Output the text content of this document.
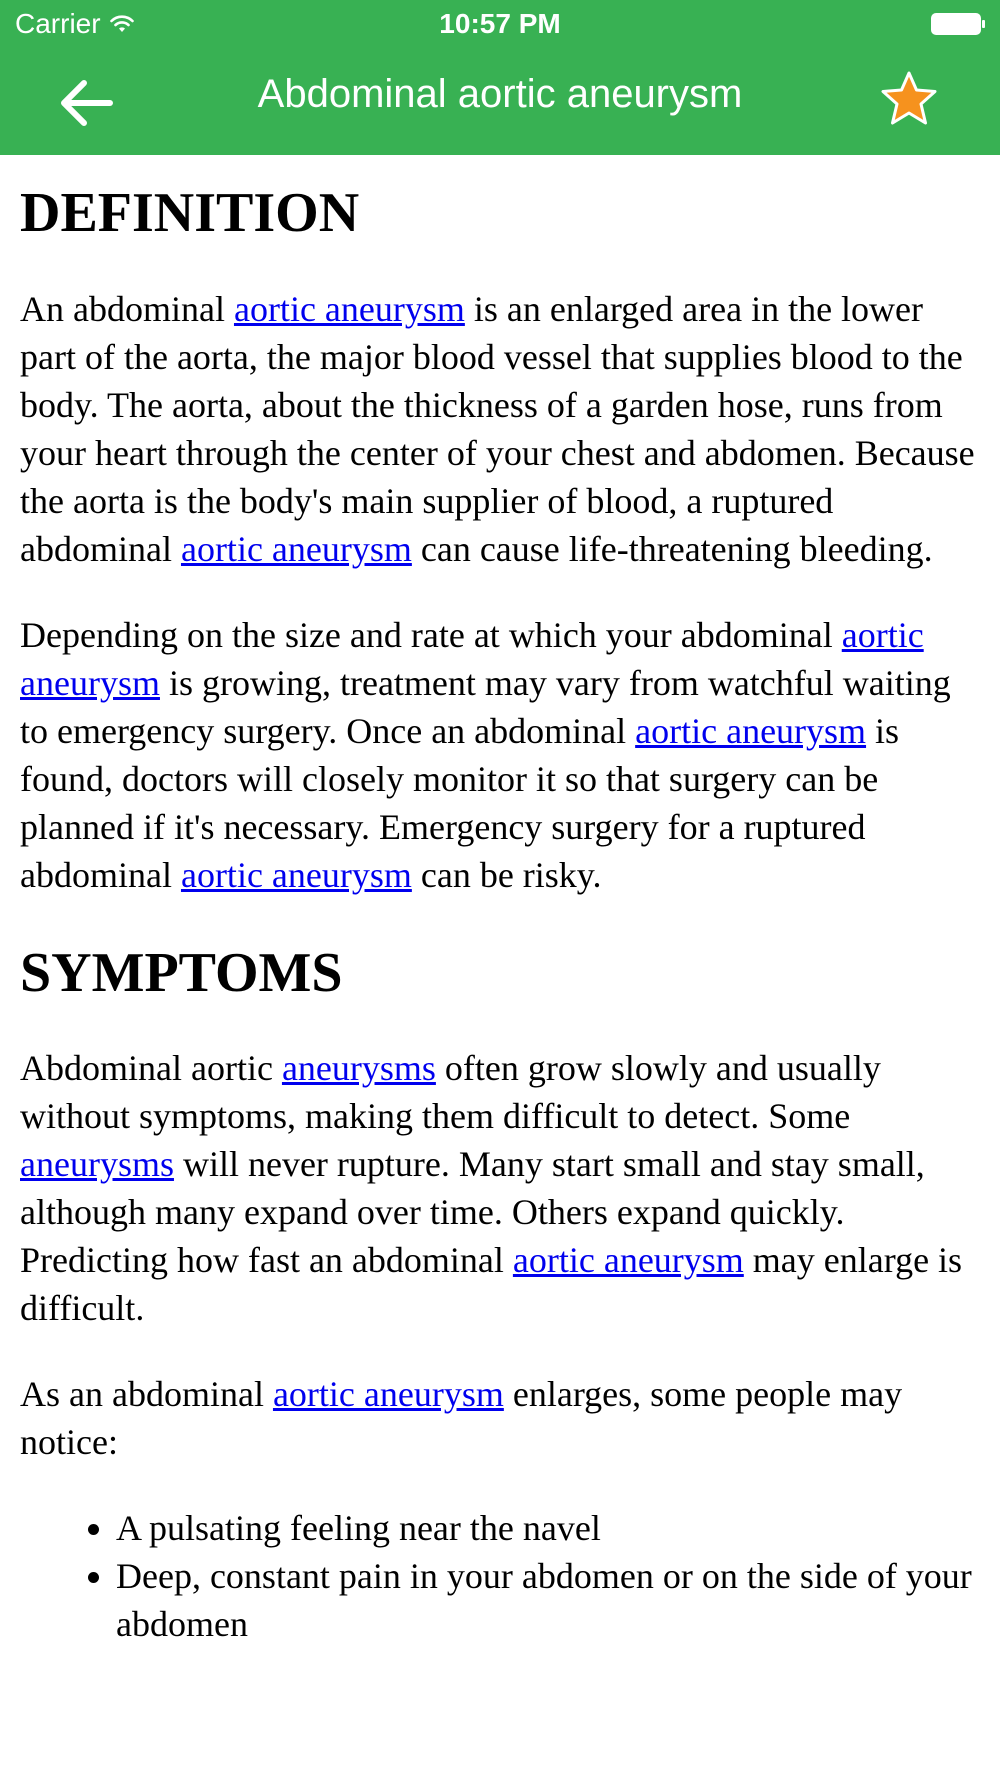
Carrier	10:57 PM
Abdominal aortic aneurysm
DEFINITION

An abdominal aortic aneurysm is an enlarged area in the lower part of the aorta, the major blood vessel that supplies blood to the body. The aorta, about the thickness of a garden hose, runs from your heart through the center of your chest and abdomen. Because the aorta is the body's main supplier of blood, a ruptured abdominal aortic aneurysm can cause life-threatening bleeding.

Depending on the size and rate at which your abdominal aortic aneurysm is growing, treatment may vary from watchful waiting to emergency surgery. Once an abdominal aortic aneurysm is found, doctors will closely monitor it so that surgery can be planned if it's necessary. Emergency surgery for a ruptured abdominal aortic aneurysm can be risky.

SYMPTOMS

Abdominal aortic aneurysms often grow slowly and usually without symptoms, making them difficult to detect. Some aneurysms will never rupture. Many start small and stay small, although many expand over time. Others expand quickly. Predicting how fast an abdominal aortic aneurysm may enlarge is difficult.

As an abdominal aortic aneurysm enlarges, some people may notice:

• A pulsating feeling near the navel
• Deep, constant pain in your abdomen or on the side of your abdomen
